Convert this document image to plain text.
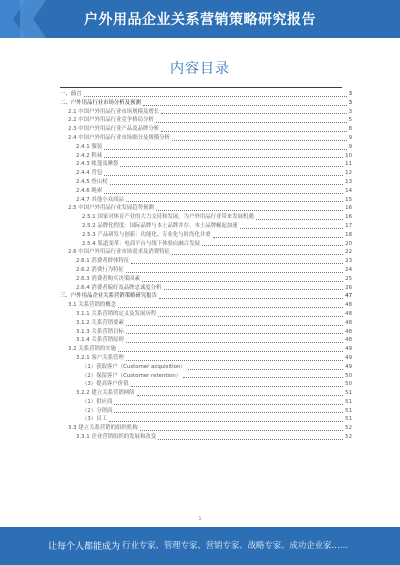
户外用品企业关系营销策略研究报告
内容目录
一、前言	3
二、户外用品行业市场分析及预测	3
2.1 中国户外用品行业市场规模及增长	3
2.2 中国户外用品行业竞争格局分析	5
2.3 中国户外用品行业产品及品牌分析	8
2.4 中国户外用品行业市场细分及规模分析	9
2.4.1 服装	9
2.4.2 鞋袜	10
2.4.3 帐篷及睡袋	11
2.4.4 背包	12
2.4.5 登山杖	13
2.4.6 绳索	14
2.4.7 其他小众商品	15
2.5 中国户外用品行业发展趋势预测	16
2.5.1 国家对体育产业的大力支持和发展，为户外用品行业带来发展机遇	16
2.5.2 品牌化程度：国际品牌与本土品牌并存，本土品牌崛起加速	17
2.5.3 产品研发与创新：功能化、专业化与时尚化并重	18
2.5.4 渠道变革：电商平台与线下体验店融合发展	20
2.6 中国户外用品行业市场需求及消费特征	22
2.6.1 消费者群体特征	23
2.6.2 消费行为特征	24
2.6.3 消费者购买决策因素	25
2.6.4 消费者偏好及品牌忠诚度分析	26
三、户外用品企业关系营销策略研究报告	47
3.1 关系营销的概念	48
3.1.1 关系营销的定义及发展历程	48
3.1.2 关系营销要素	48
3.1.3 关系营销目标	48
3.1.4 关系营销原则	48
3.2 关系营销的实施	49
3.2.1 客户关系管理	49
（1）获取客户（Customer acquisition）	49
（2）保留客户（Customer retention）	50
（3）提高客户价值	50
3.2.2 建立关系营销网络	51
（1）供应商	51
（2）分销商	51
（3）员工	51
3.3 建立关系营销的组织机构	52
3.3.1 企业营销组织的发展和改变	52
1
让每个人都能成为 行业专家、管理专家、营销专家、战略专家、成功企业家……
